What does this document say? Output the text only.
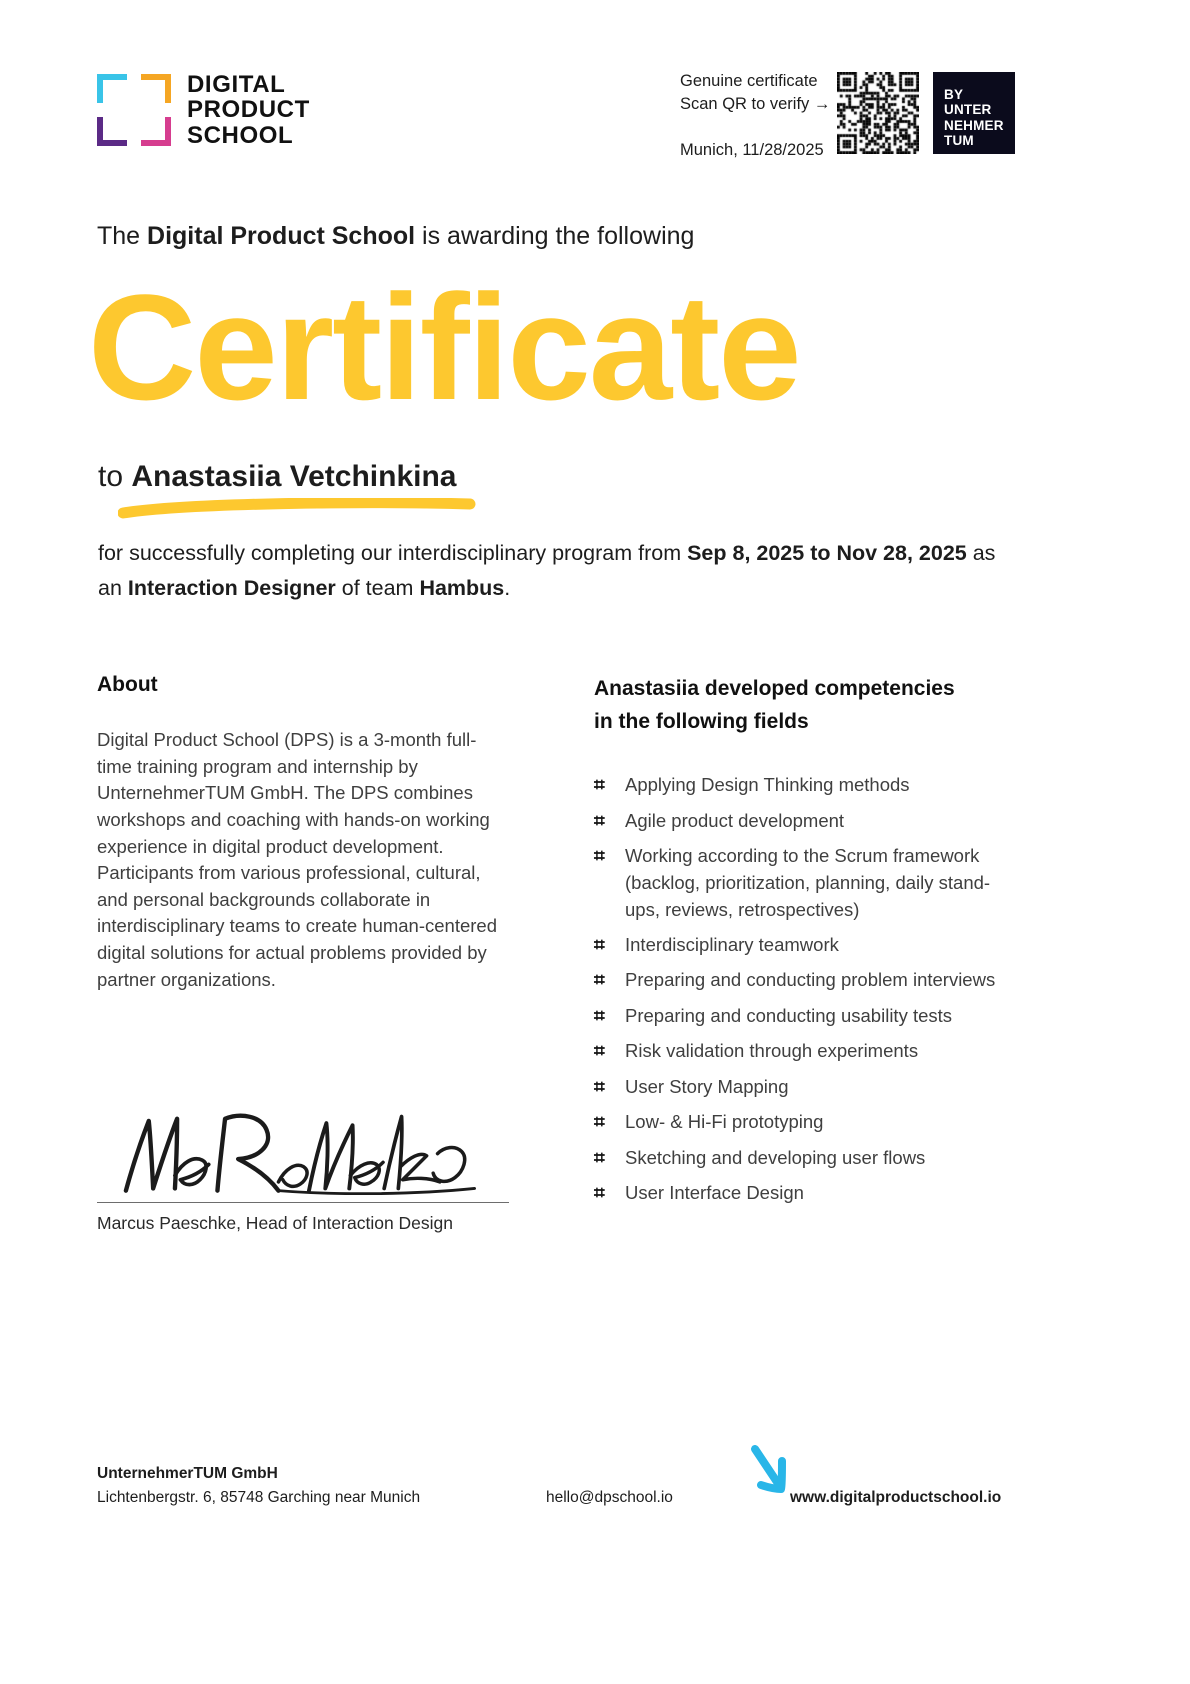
DIGITAL
PRODUCT
SCHOOL
Genuine certificate
Scan QR to verify →
Munich, 11/28/2025
BY
UNTER
NEHMER
TUM
The Digital Product School is awarding the following
Certificate
to Anastasiia Vetchinkina
for successfully completing our interdisciplinary program from Sep 8, 2025 to Nov 28, 2025 as an Interaction Designer of team Hambus.
About

Digital Product School (DPS) is a 3-month full-time training program and internship by UnternehmerTUM GmbH. The DPS combines workshops and coaching with hands-on working experience in digital product development.

Participants from various professional, cultural, and personal backgrounds collaborate in interdisciplinary teams to create human-centered digital solutions for actual problems provided by partner organizations.

Anastasiia developed competencies
in the following fields
⌗	Applying Design Thinking methods
⌗	Agile product development
⌗	Working according to the Scrum framework (backlog, prioritization, planning, daily stand-ups, reviews, retrospectives)
⌗	Interdisciplinary teamwork
⌗	Preparing and conducting problem interviews
⌗	Preparing and conducting usability tests
⌗	Risk validation through experiments
⌗	User Story Mapping
⌗	Low- & Hi-Fi prototyping
⌗	Sketching and developing user flows
⌗	User Interface Design
Marcus Paeschke, Head of Interaction Design
UnternehmerTUM GmbH
Lichtenbergstr. 6, 85748 Garching near Munich	hello@dpschool.io	www.digitalproductschool.io
